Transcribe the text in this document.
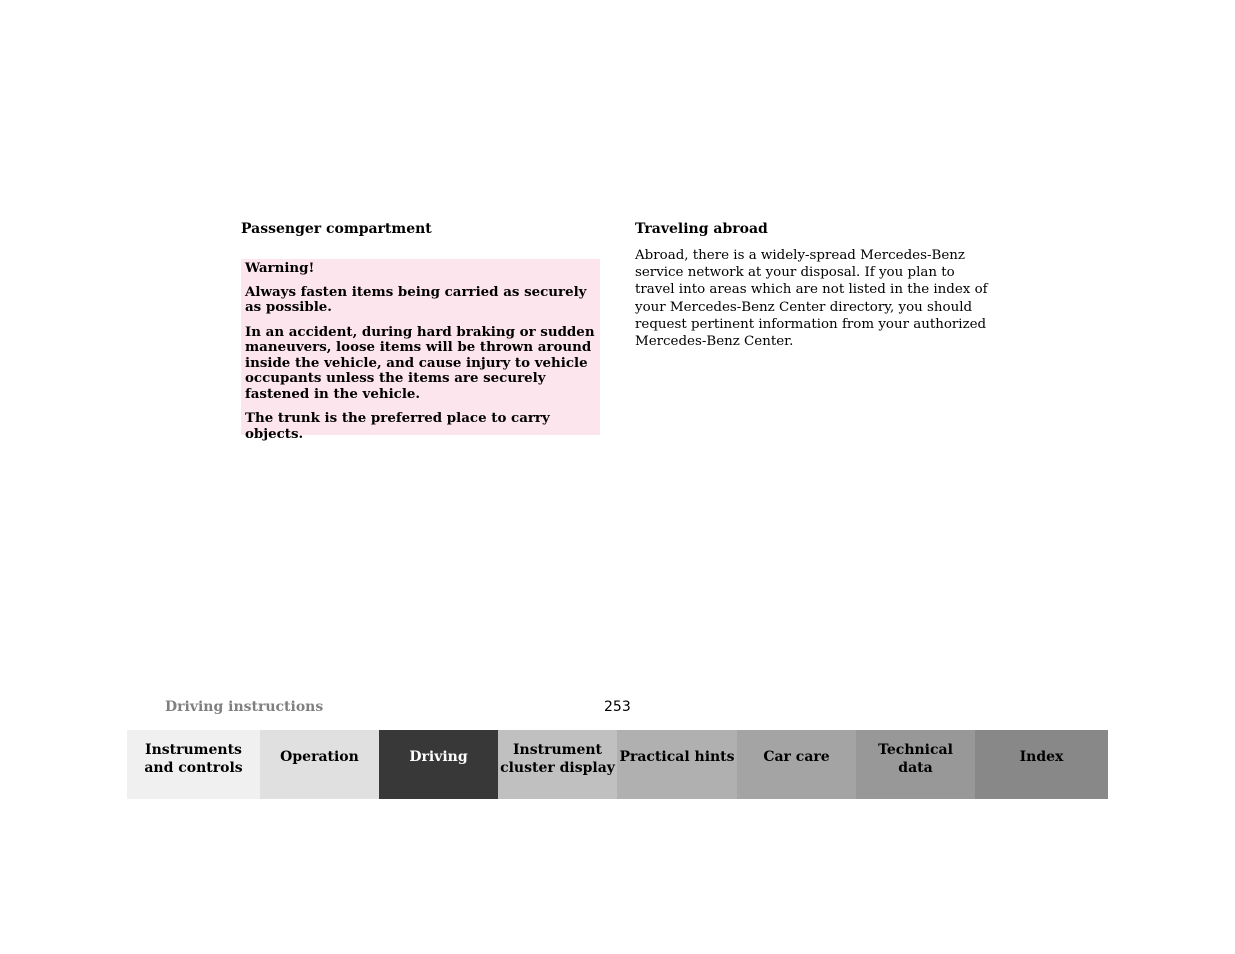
Passenger compartment

Warning!

Always fasten items being carried as securely as possible.

In an accident, during hard braking or sudden maneuvers, loose items will be thrown around inside the vehicle, and cause injury to vehicle occupants unless the items are securely fastened in the vehicle.

The trunk is the preferred place to carry objects.

Traveling abroad

Abroad, there is a widely-spread Mercedes-Benz service network at your disposal. If you plan to travel into areas which are not listed in the index of your Mercedes-Benz Center directory, you should request pertinent information from your authorized Mercedes-Benz Center.

Driving instructions	253
Instruments
and controls
Operation	Driving	Instrument
cluster display
Practical hints Car care	Technical
data
Index
